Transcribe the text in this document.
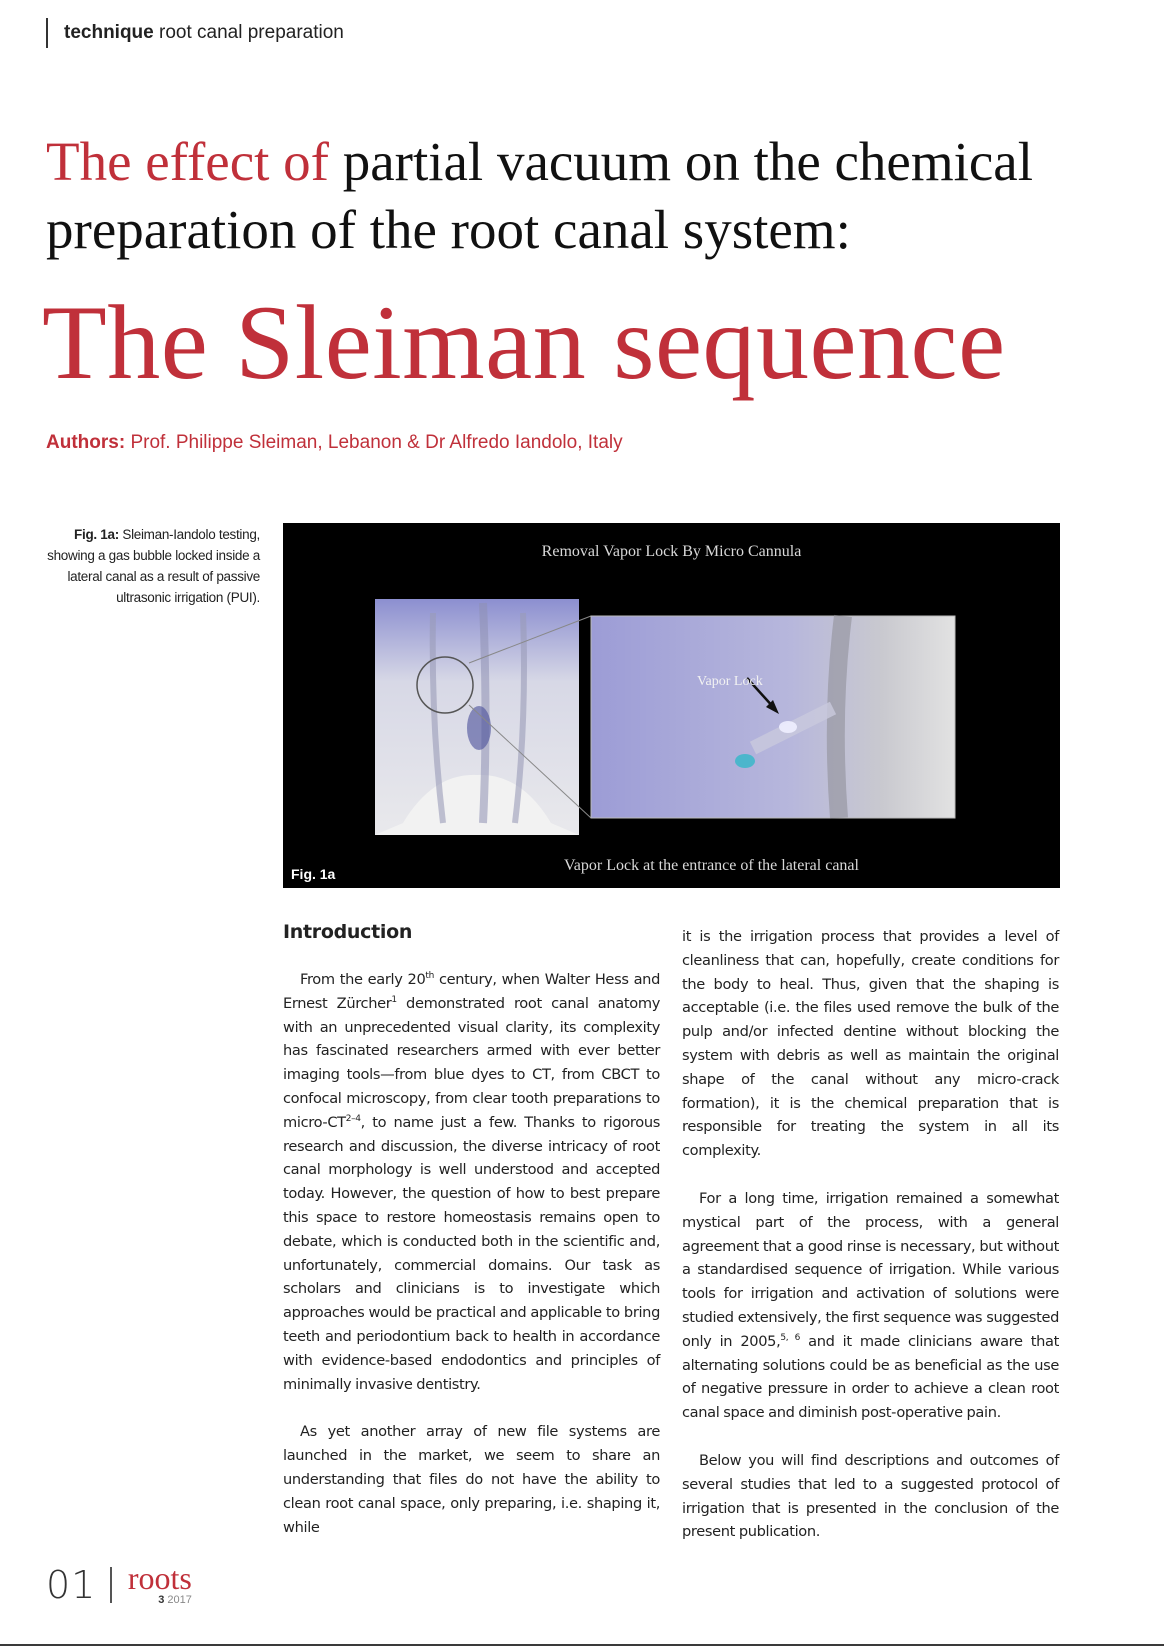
technique root canal preparation
The effect of partial vacuum on the chemical preparation of the root canal system:
The Sleiman sequence
Authors: Prof. Philippe Sleiman, Lebanon & Dr Alfredo Iandolo, Italy
Fig. 1a: Sleiman-Iandolo testing, showing a gas bubble locked inside a lateral canal as a result of passive ultrasonic irrigation (PUI).
Vapor Lock
Removal Vapor Lock By Micro Cannula
Vapor Lock at the entrance of the lateral canal
Fig. 1a
Introduction

From the early 20th century, when Walter Hess and Ernest Zürcher$^1$ demonstrated root canal anatomy with an unprecedented visual clarity, its complexity has fascinated researchers armed with ever better imaging tools—from blue dyes to CT, from CBCT to confocal microscopy, from clear tooth preparations to micro-CT$^{2-4}$, to name just a few. Thanks to rigorous research and discussion, the diverse intricacy of root canal morphology is well understood and accepted today. However, the question of how to best prepare this space to restore homeostasis remains open to debate, which is conducted both in the scientific and, unfortunately, commercial domains. Our task as scholars and clinicians is to investigate which approaches would be practical and applicable to bring teeth and periodontium back to health in accordance with evidence-based endodontics and principles of minimally invasive dentistry.

As yet another array of new file systems are launched in the market, we seem to share an understanding that files do not have the ability to clean root canal space, only preparing, i.e. shaping it, while

it is the irrigation process that provides a level of cleanliness that can, hopefully, create conditions for the body to heal. Thus, given that the shaping is acceptable (i.e. the files used remove the bulk of the pulp and/or infected dentine without blocking the system with debris as well as maintain the original shape of the canal without any micro-crack formation), it is the chemical preparation that is responsible for treating the system in all its complexity.

For a long time, irrigation remained a somewhat mystical part of the process, with a general agreement that a good rinse is necessary, but without a standardised sequence of irrigation. While various tools for irrigation and activation of solutions were studied extensively, the first sequence was suggested only in 2005,$^{5, 6}$ and it made clinicians aware that alternating solutions could be as beneficial as the use of negative pressure in order to achieve a clean root canal space and diminish post-operative pain.

Below you will find descriptions and outcomes of several studies that led to a suggested protocol of irrigation that is presented in the conclusion of the present publication.

01 roots
3 2017
